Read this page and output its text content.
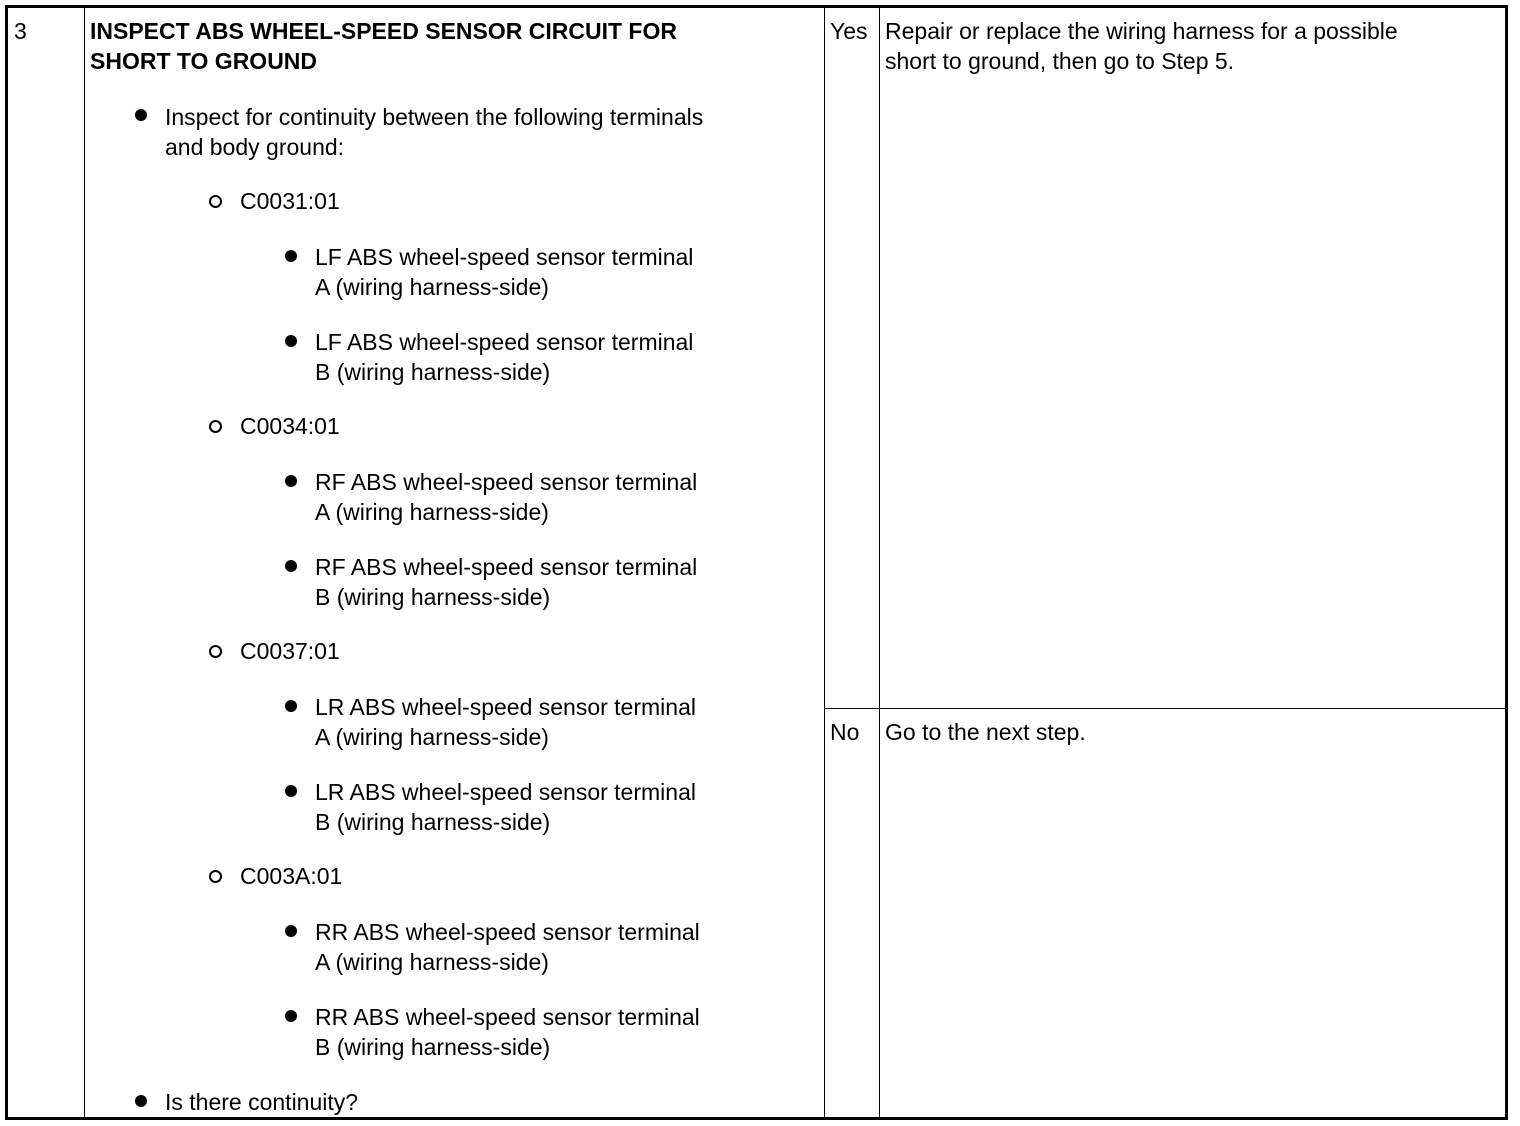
3	INSPECT ABS WHEEL-SPEED SENSOR CIRCUIT FOR
SHORT TO GROUND
Inspect for continuity between the following terminals
and body ground:
C0031:01
LF ABS wheel-speed sensor terminal
A (wiring harness-side)
LF ABS wheel-speed sensor terminal
B (wiring harness-side)
C0034:01
RF ABS wheel-speed sensor terminal
A (wiring harness-side)
RF ABS wheel-speed sensor terminal
B (wiring harness-side)
C0037:01
LR ABS wheel-speed sensor terminal
A (wiring harness-side)
LR ABS wheel-speed sensor terminal
B (wiring harness-side)
C003A:01
RR ABS wheel-speed sensor terminal
A (wiring harness-side)
RR ABS wheel-speed sensor terminal
B (wiring harness-side)
Is there continuity?
Yes Repair or replace the wiring harness for a possible
short to ground, then go to Step 5.
No Go to the next step.
